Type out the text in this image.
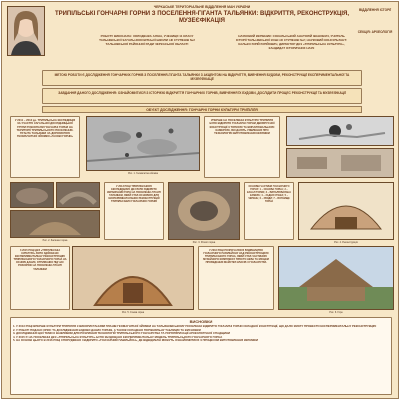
ЧЕРКАСЬКЕ ТЕРИТОРІАЛЬНЕ ВІДДІЛЕННЯ МАН УКРАЇНИ
ТРИПІЛЬСЬКІ ГОНЧАРНІ ГОРНИ З ПОСЕЛЕННЯ-ГІГАНТА ТАЛЬЯНКИ: ВІДКРИТТЯ, РЕКОНСТРУКЦІЯ, МУЗЕЄФІКАЦІЯ
ВІДДІЛЕННЯ ІСТОРІЇ
СЕКЦІЯ: АРХЕОЛОГІЯ
РОБОТУ ВИКОНАЛА: ХОЛОДЕНКА АЛІНА, УЧЕНИЦЯ 11 КЛАСУ ТАЛЬНІВСЬКОЇ ЗАГАЛЬНООСВІТНЬОЇ ШКОЛИ І-ІІІ СТУПЕНІВ №2 ТАЛЬНІВСЬКОЇ РАЙОННОЇ РАДИ ЧЕРКАСЬКОЇ ОБЛАСТІ
НАУКОВИЙ КЕРІВНИК: СОКАЛЬСЬКИЙ АНАТОЛІЙ ІВАНОВИЧ, УЧИТЕЛЬ ІСТОРІЇ ТАЛЬНІВСЬКОЇ ЗОШ І-ІІІ СТУПЕНІВ №2; НАУКОВИЙ КОНСУЛЬТАНТ: КАЛЬКО ЮРІЙ ЮРІЙОВИЧ, ДИРЕКТОР ДКЗ «ТРИПІЛЬСЬКА КУЛЬТУРА», КАНДИДАТ ІСТОРИЧНИХ НАУК
МЕТОЮ РОБОТИ Є ДОСЛІДЖЕННЯ ГОНЧАРНИХ ГОРНІВ З ПОСЕЛЕННЯ-ГІГАНТА ТАЛЬЯНКИ З АКЦЕНТОМ НА ВІДКРИТТЯ, ВИВЧЕННЯ БУДОВИ, РЕКОНСТРУКЦІЇ ЕКСПЕРИМЕНТАЛЬНОЇ ТА МУЗЕЄФІКАЦІЇ
ЗАВДАННЯ ДАНОГО ДОСЛІДЖЕННЯ: ОЗНАЙОМИТИСЯ З ІСТОРІЄЮ ВІДКРИТТЯ ГОНЧАРНИХ ГОРНІВ, ВИВЧЕННЯ ЇХ БУДОВИ, ДОСЛІДИТИ ПРОЦЕС РЕКОНСТРУКЦІЇ ТА МУЗЕЄФІКАЦІЇ
ОБ'ЄКТ ДОСЛІДЖЕННЯ: ГОНЧАРНІ ГОРНИ КУЛЬТУРИ ТРИПІЛЛЯ
У 2011 – 2012 рр. ТРИПІЛЬСЬКА ЕКСПЕДИЦІЯ ЗА УЧАСТЮ ЗАГАЛЬНОЇ ДОСЛІДНИЦЬКОЇ ГРУПИ РОЗКОПАЛИ ГОНЧАРНІ ГОРНИ НА ТЕРИТОРІЇ ТРИПІЛЬСЬКОГО ПОСЕЛЕННЯ-ГІГАНТА ТАЛЬЯНКИ ЗА ДОПОМОГОЮ ГЕОМАГНІТНОЇ ЗЙОМКИ «ГАЗОВІ ГОРНИ»
Рис. 1. Геомагнітна зйомка
УПЕРШЕ НА ПОСЕЛЕННІ КУЛЬТУРИ ТРИПІЛЛЯ БУЛО ВІДКРИТО ГОНЧАРНІ ГОРНИ ДВОЯРУСНОЇ КОНСТРУКЦІЇ З ТОПКОЮ ТА ВИПАЛЮВАЛЬНОЮ КАМЕРОЮ, ЯКІ ДАЮТЬ УЯВЛЕННЯ ПРО ТЕХНОЛОГІЮ ВИГОТОВЛЕННЯ КЕРАМІКИ
Рис. 2. Залишки горна
У 2013 РОЦІ ТРИПІЛЬСЬКОЮ ЕКСПЕДИЦІЄЮ ДКЗ БУЛО ВІДКРИТО КЕРАМІЧНИЙ ГОРН НА ПОСЕЛЕННІ-ГІГАНТІ ТАЛЬЯНКИ, ЯКИЙ СТАВ ОСНОВОЮ ДЛЯ ЕКСПЕРИМЕНТАЛЬНИХ РЕКОНСТРУКЦІЙ ТРИПІЛЬСЬКИХ ГОНЧАРНИХ ГОРНІВ
Рис. 3. Розкоп горна
ОСНОВНІ ЧАСТИНИ ГОНЧАРНОГО ГОРНУ: 1 – ОСНОВА ГОРНА; 2 – КАНАЛ ТОПКИ; 3 – ВИПАЛЮВАЛЬНА КАМЕРА; 4 – ЗАДНЯ СТІНКА; 5 – ЧЕРЕНЬ; 6 – ЗВОДИ; 7 – ВОГНИЩЕ ГОРНА
Рис. 4. Реконструкція
З 2015 РОЦІ ДКЗ «ТРИПІЛЬСЬКА КУЛЬТУРА» БУЛО ЗДІЙСНЕНО ЕКСПЕРИМЕНТАЛЬНУ РЕКОНСТРУКЦІЮ ТРИПІЛЬСЬКОГО ГОНЧАРНОГО ГОРНА НА ОСНОВІ ДАНИХ, ОТРИМАНИХ ПІД ЧАС РОЗКОПОК НА ПОСЕЛЕННІ-ГІГАНТІ ТАЛЬЯНКИ
Рис. 5. Схема горна
У 2016 РОЦІ РОЗПОЧАЛОСЯ БУДІВНИЦТВО ГОНЧАРНОГО ПАВІЛЬЙОНУ НАД РЕКОНСТРУКЦІЄЮ ТРИПІЛЬСЬКОГО ГОРНА, ЯКИЙ СТАВ ЧАСТИНОЮ МУЗЕЙНОГО КОМПЛЕКСУ ПРОСТО НЕБА ТА МІСЦЕМ ПРОВЕДЕННЯ МАЙСТЕР-КЛАСІВ З ГОНЧАРСТВА
Рис. 6. Горн
ВИСНОВКИ
1. У 2013 РОЦІ ВПЕРШЕ КУЛЬТУРИ ТРИПІЛЛЯ З ВИКОРИСТАННЯМ ПЛАНІВ ГЕОМАГНІТНОЇ ЗЙОМКИ НА ТАЛЬЯНКІВСЬКОМУ ПОСЕЛЕННІ ВІДКРИТО ГОНЧАРНІ ГОРНИ СКЛАДНОЇ КОНСТРУКЦІЇ, ЩО ДАЛО ЗМОГУ ПРОВЕСТИ ЕКСПЕРИМЕНТАЛЬНУ РЕКОНСТРУКЦІЮ
2. У РОБОТІ ПОДАНО ОПИС ТА ДОСЛІДЖЕННЯ БУДОВИ ДАНИХ ГОРНІВ, А ТАКОЖ СКЛАДЕНО ПОРІВНЯЛЬНУ ТАБЛИЦЮ ТА ВИСНОВКИ
3. ДОСЛІДЖЕННЯ ЦІЄЇ ТЕМИ Є ВАЖЛИВИМ ДЛЯ РОЗУМІННЯ ТЕХНОЛОГІЙ ТРИПІЛЬСЬКОГО ГОНЧАРСТВА ТА ПОПУЛЯРИЗАЦІЇ АРХЕОЛОГІЧНОЇ СПАДЩИНИ
4. У 2015 Р. НА ПОСЕЛЕННІ ДКЗ «ТРИПІЛЬСЬКА КУЛЬТУРА» БУЛО ЗБУДОВАНО ЕКСПЕРИМЕНТАЛЬНУ МОДЕЛЬ ТРИПІЛЬСЬКОГО ГОНЧАРНОГО ГОРНА
5. НА ОСНОВІ ЦЬОГО В 2016 РОЦІ СПОРУДЖЕНО І ВІДКРИТО «ГОНЧАРНИЙ ПАВІЛЬЙОН», ДЕ ВІДВІДУВАЧІ МОЖУТЬ ОЗНАЙОМИТИСЯ З ПРОЦЕСОМ ВИГОТОВЛЕННЯ КЕРАМІКИ
